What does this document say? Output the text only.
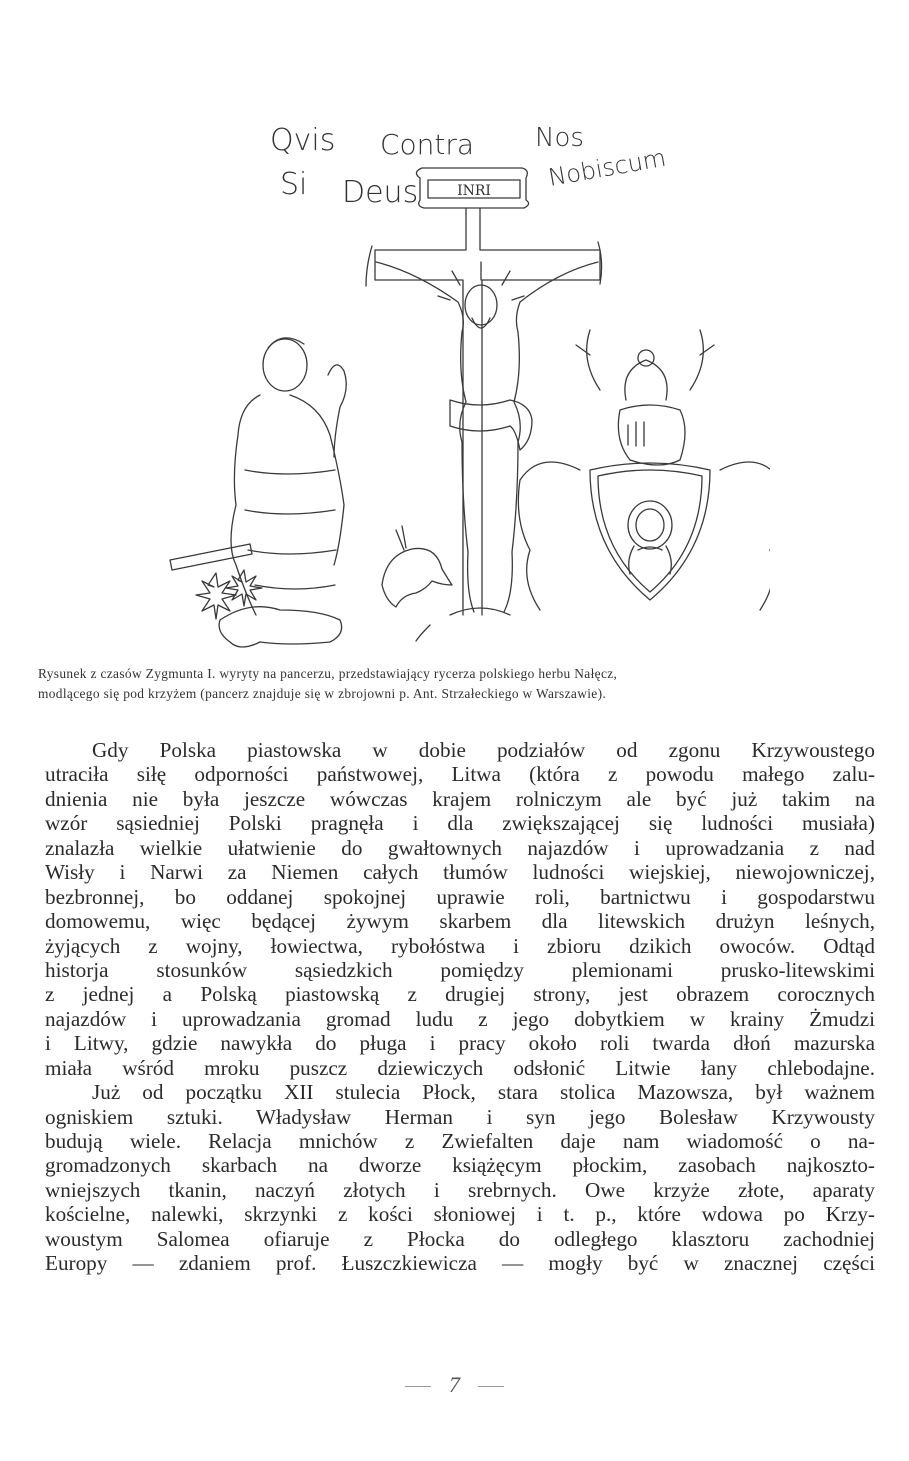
Qvis Contra Nos
Si Deus
Nobiscum
INRI
Rysunek z czasów Zygmunta I. wyryty na pancerzu, przedstawiający rycerza polskiego herbu Nałęcz,
modlącego się pod krzyżem (pancerz znajduje się w zbrojowni p. Ant. Strzałeckiego w Warszawie).
Gdy Polska piastowska w dobie podziałów od zgonu Krzywoustego
utraciła siłę odporności państwowej, Litwa (która z powodu małego zalu-
dnienia nie była jeszcze wówczas krajem rolniczym ale być już takim na
wzór sąsiedniej Polski pragnęła i dla zwiększającej się ludności musiała)
znalazła wielkie ułatwienie do gwałtownych najazdów i uprowadzania z nad
Wisły i Narwi za Niemen całych tłumów ludności wiejskiej, niewojowniczej,
bezbronnej, bo oddanej spokojnej uprawie roli, bartnictwu i gospodarstwu
domowemu, więc będącej żywym skarbem dla litewskich drużyn leśnych,
żyjących z wojny, łowiectwa, rybołóstwa i zbioru dzikich owoców. Odtąd
historja stosunków sąsiedzkich pomiędzy plemionami prusko-litewskimi
z jednej a Polską piastowską z drugiej strony, jest obrazem corocznych
najazdów i uprowadzania gromad ludu z jego dobytkiem w krainy Żmudzi
i Litwy, gdzie nawykła do pługa i pracy około roli twarda dłoń mazurska
miała wśród mroku puszcz dziewiczych odsłonić Litwie łany chlebodajne.
Już od początku XII stulecia Płock, stara stolica Mazowsza, był ważnem
ogniskiem sztuki. Władysław Herman i syn jego Bolesław Krzywousty
budują wiele. Relacja mnichów z Zwiefalten daje nam wiadomość o na-
gromadzonych skarbach na dworze książęcym płockim, zasobach najkoszto-
wniejszych tkanin, naczyń złotych i srebrnych. Owe krzyże złote, aparaty
kościelne, nalewki, skrzynki z kości słoniowej i t. p., które wdowa po Krzy-
woustym Salomea ofiaruje z Płocka do odległego klasztoru zachodniej
Europy — zdaniem prof. Łuszczkiewicza — mogły być w znacznej części
7
